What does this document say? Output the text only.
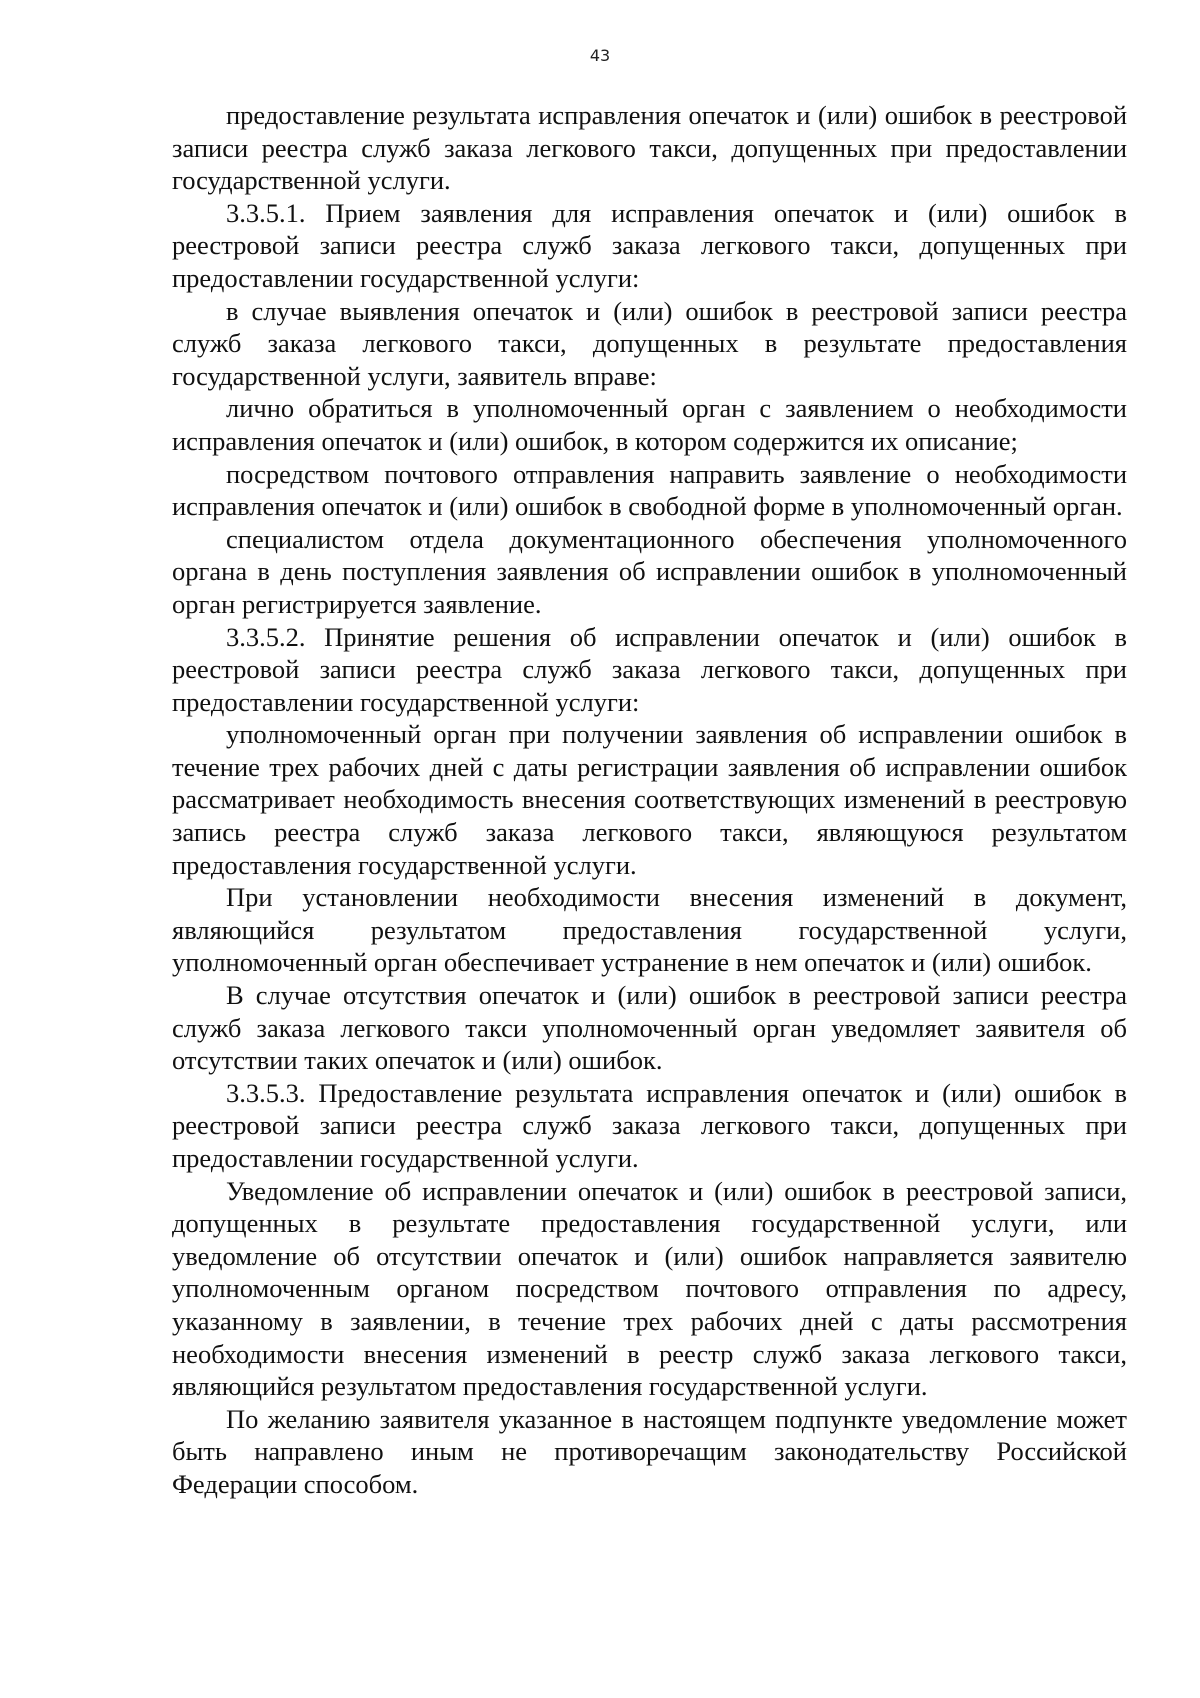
43

предоставление результата исправления опечаток и (или) ошибок в реестровой записи реестра служб заказа легкового такси, допущенных при предоставлении государственной услуги.

3.3.5.1. Прием заявления для исправления опечаток и (или) ошибок в реестровой записи реестра служб заказа легкового такси, допущенных при предоставлении государственной услуги:

в случае выявления опечаток и (или) ошибок в реестровой записи реестра служб заказа легкового такси, допущенных в результате предоставления государственной услуги, заявитель вправе:

лично обратиться в уполномоченный орган с заявлением о необходимости исправления опечаток и (или) ошибок, в котором содержится их описание;

посредством почтового отправления направить заявление о необходимости исправления опечаток и (или) ошибок в свободной форме в уполномоченный орган.

специалистом отдела документационного обеспечения уполномоченного органа в день поступления заявления об исправлении ошибок в уполномоченный орган регистрируется заявление.

3.3.5.2. Принятие решения об исправлении опечаток и (или) ошибок в реестровой записи реестра служб заказа легкового такси, допущенных при предоставлении государственной услуги:

уполномоченный орган при получении заявления об исправлении ошибок в течение трех рабочих дней с даты регистрации заявления об исправлении ошибок рассматривает необходимость внесения соответствующих изменений в реестровую запись реестра служб заказа легкового такси, являющуюся результатом предоставления государственной услуги.

При установлении необходимости внесения изменений в документ, являющийся результатом предоставления государственной услуги, уполномоченный орган обеспечивает устранение в нем опечаток и (или) ошибок.

В случае отсутствия опечаток и (или) ошибок в реестровой записи реестра служб заказа легкового такси уполномоченный орган уведомляет заявителя об отсутствии таких опечаток и (или) ошибок.

3.3.5.3. Предоставление результата исправления опечаток и (или) ошибок в реестровой записи реестра служб заказа легкового такси, допущенных при предоставлении государственной услуги.

Уведомление об исправлении опечаток и (или) ошибок в реестровой записи, допущенных в результате предоставления государственной услуги, или уведомление об отсутствии опечаток и (или) ошибок направляется заявителю уполномоченным органом посредством почтового отправления по адресу, указанному в заявлении, в течение трех рабочих дней с даты рассмотрения необходимости внесения изменений в реестр служб заказа легкового такси, являющийся результатом предоставления государственной услуги.

По желанию заявителя указанное в настоящем подпункте уведомление может быть направлено иным не противоречащим законодательству Российской Федерации способом.
